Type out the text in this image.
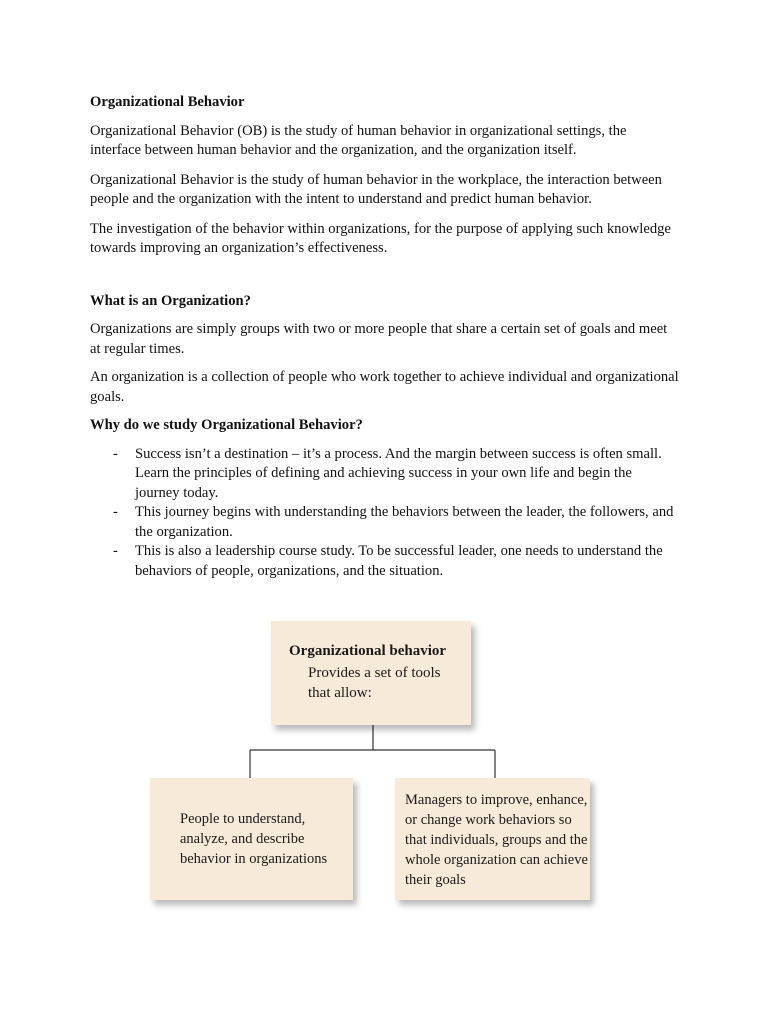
Organizational Behavior

Organizational Behavior (OB) is the study of human behavior in organizational settings, the interface between human behavior and the organization, and the organization itself.

Organizational Behavior is the study of human behavior in the workplace, the interaction between people and the organization with the intent to understand and predict human behavior.

The investigation of the behavior within organizations, for the purpose of applying such knowledge towards improving an organization’s effectiveness.

What is an Organization?

Organizations are simply groups with two or more people that share a certain set of goals and meet at regular times.

An organization is a collection of people who work together to achieve individual and organizational goals.

Why do we study Organizational Behavior?
- Success isn’t a destination – it’s a process. And the margin between success is often small. Learn the principles of defining and achieving success in your own life and begin the journey today.
- This journey begins with understanding the behaviors between the leader, the followers, and the organization.
- This is also a leadership course study. To be successful leader, one needs to understand the behaviors of people, organizations, and the situation.
Organizational behavior
Provides a set of tools that allow:
People to understand, analyze, and describe behavior in organizations
Managers to improve, enhance, or change work behaviors so that individuals, groups and the whole organization can achieve their goals
